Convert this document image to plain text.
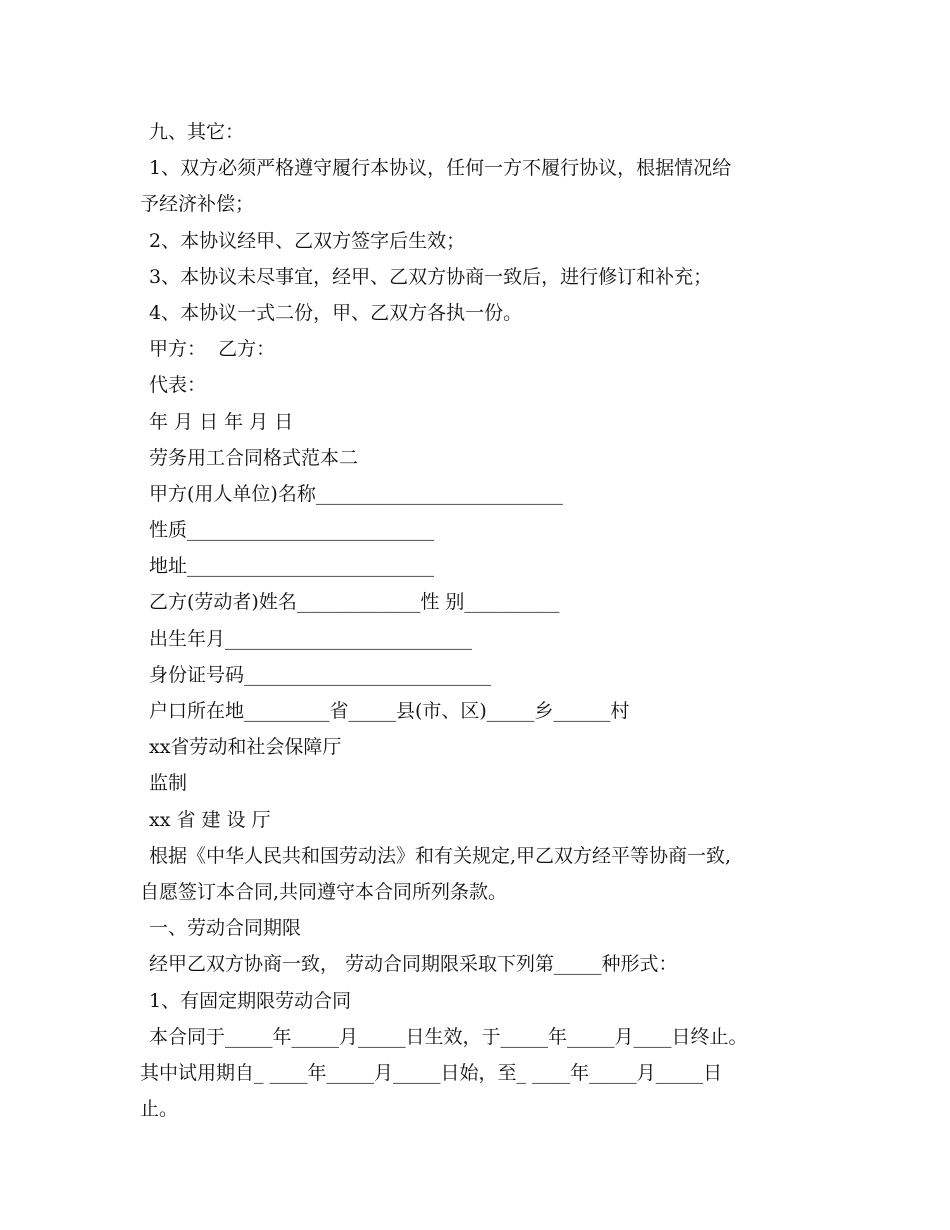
九、其它：
1、双方必须严格遵守履行本协议，任何一方不履行协议，根据情况给
予经济补偿；
2、本协议经甲、乙双方签字后生效；
3、本协议未尽事宜，经甲、乙双方协商一致后，进行修订和补充；
4、本协议一式二份，甲、乙双方各执一份。
甲方：  乙方：
代表：
年 月 日 年 月 日
劳务用工合同格式范本二
甲方(用人单位)名称__________________________
性质__________________________
地址__________________________
乙方(劳动者)姓名_____________性 别__________
出生年月__________________________
身份证号码__________________________
户口所在地_________省_____县(市、区)_____乡______村
xx省劳动和社会保障厅
监制
xx 省 建 设 厅
根据《中华人民共和国劳动法》和有关规定,甲乙双方经平等协商一致,
自愿签订本合同,共同遵守本合同所列条款。
一、劳动合同期限
经甲乙双方协商一致， 劳动合同期限采取下列第_____种形式：
1、有固定期限劳动合同
本合同于_____年_____月_____日生效，于_____年_____月____日终止。
其中试用期自_ ____年_____月_____日始，至_ ____年_____月_____日
止。
